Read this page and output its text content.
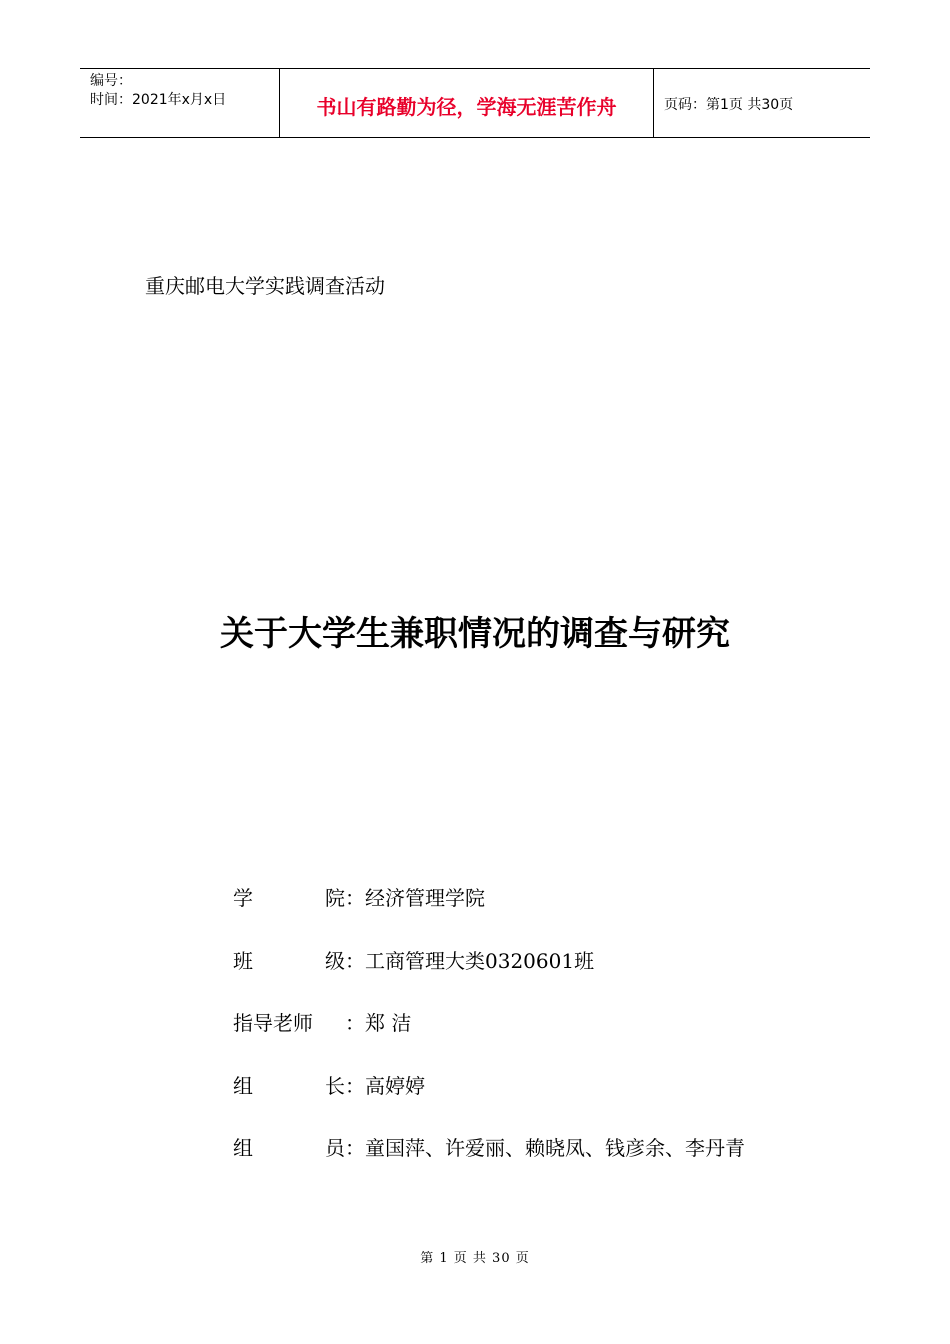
编号：
时间：2021年x月x日	书山有路勤为径，学海无涯苦作舟	页码：第1页 共30页
重庆邮电大学实践调查活动
关于大学生兼职情况的调查与研究
学	院 ：经济管理学院
班	级 ：工商管理大类0320601班
指导老师	：郑 洁
组	长 ：高婷婷
组	员 ：童国萍、许爱丽、赖晓凤、钱彦余、李丹青
第 1 页 共 30 页
